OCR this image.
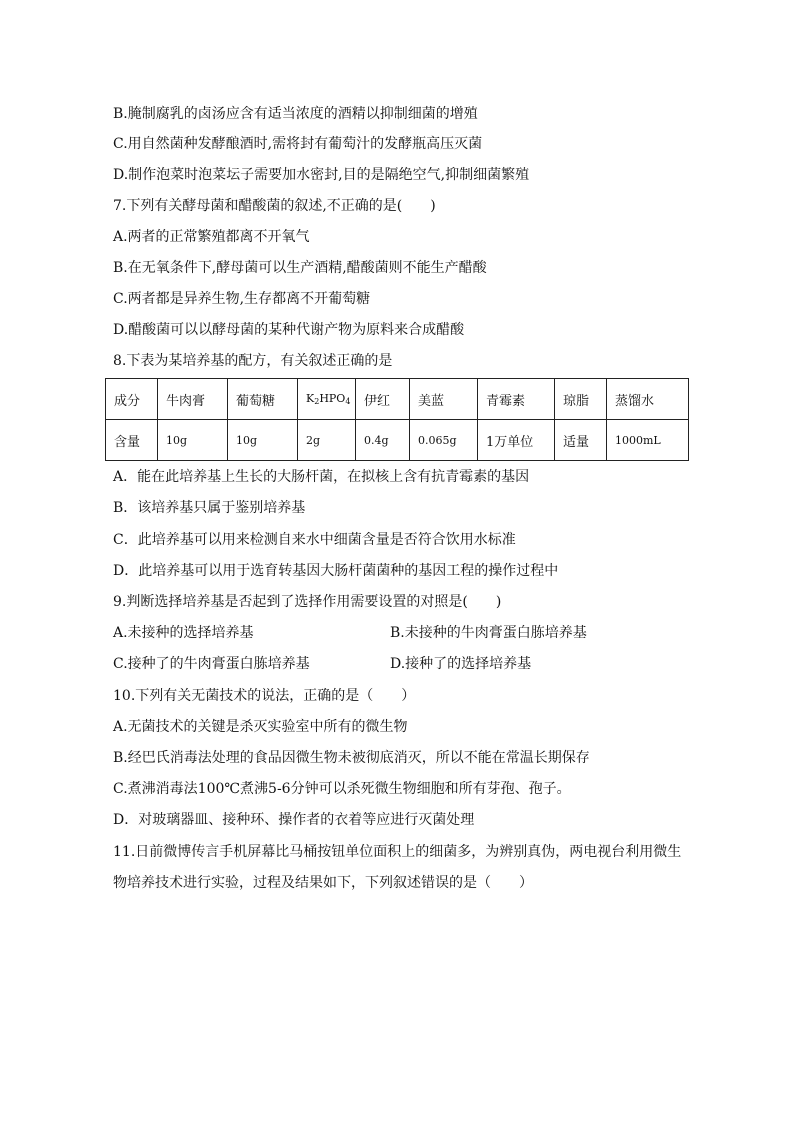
B.腌制腐乳的卤汤应含有适当浓度的酒精以抑制细菌的增殖
C.用自然菌种发酵酿酒时,需将封有葡萄汁的发酵瓶高压灭菌
D.制作泡菜时泡菜坛子需要加水密封,目的是隔绝空气,抑制细菌繁殖
7.下列有关酵母菌和醋酸菌的叙述,不正确的是(　　)
A.两者的正常繁殖都离不开氧气
B.在无氧条件下,酵母菌可以生产酒精,醋酸菌则不能生产醋酸
C.两者都是异养生物,生存都离不开葡萄糖
D.醋酸菌可以以酵母菌的某种代谢产物为原料来合成醋酸
8.下表为某培养基的配方，有关叙述正确的是
成分	牛肉膏	葡萄糖	$K_2HPO_4$	伊红	美蓝	青霉素	琼脂	蒸馏水
含量	10g	10g	2g	0.4g	0.065g	1万单位	适量	1000mL
A．能在此培养基上生长的大肠杆菌，在拟核上含有抗青霉素的基因
B．该培养基只属于鉴别培养基
C．此培养基可以用来检测自来水中细菌含量是否符合饮用水标准
D．此培养基可以用于选育转基因大肠杆菌菌种的基因工程的操作过程中
9.判断选择培养基是否起到了选择作用需要设置的对照是(　　)
A.未接种的选择培养基	B.未接种的牛肉膏蛋白胨培养基
C.接种了的牛肉膏蛋白胨培养基	D.接种了的选择培养基
10.下列有关无菌技术的说法，正确的是（　　）
A.无菌技术的关键是杀灭实验室中所有的微生物
B.经巴氏消毒法处理的食品因微生物未被彻底消灭，所以不能在常温长期保存
C.煮沸消毒法100℃煮沸5-6分钟可以杀死微生物细胞和所有芽孢、孢子。
D．对玻璃器皿、接种环、操作者的衣着等应进行灭菌处理
11.日前微博传言手机屏幕比马桶按钮单位面积上的细菌多，为辨别真伪，两电视台利用微生
物培养技术进行实验，过程及结果如下，下列叙述错误的是（　　）
